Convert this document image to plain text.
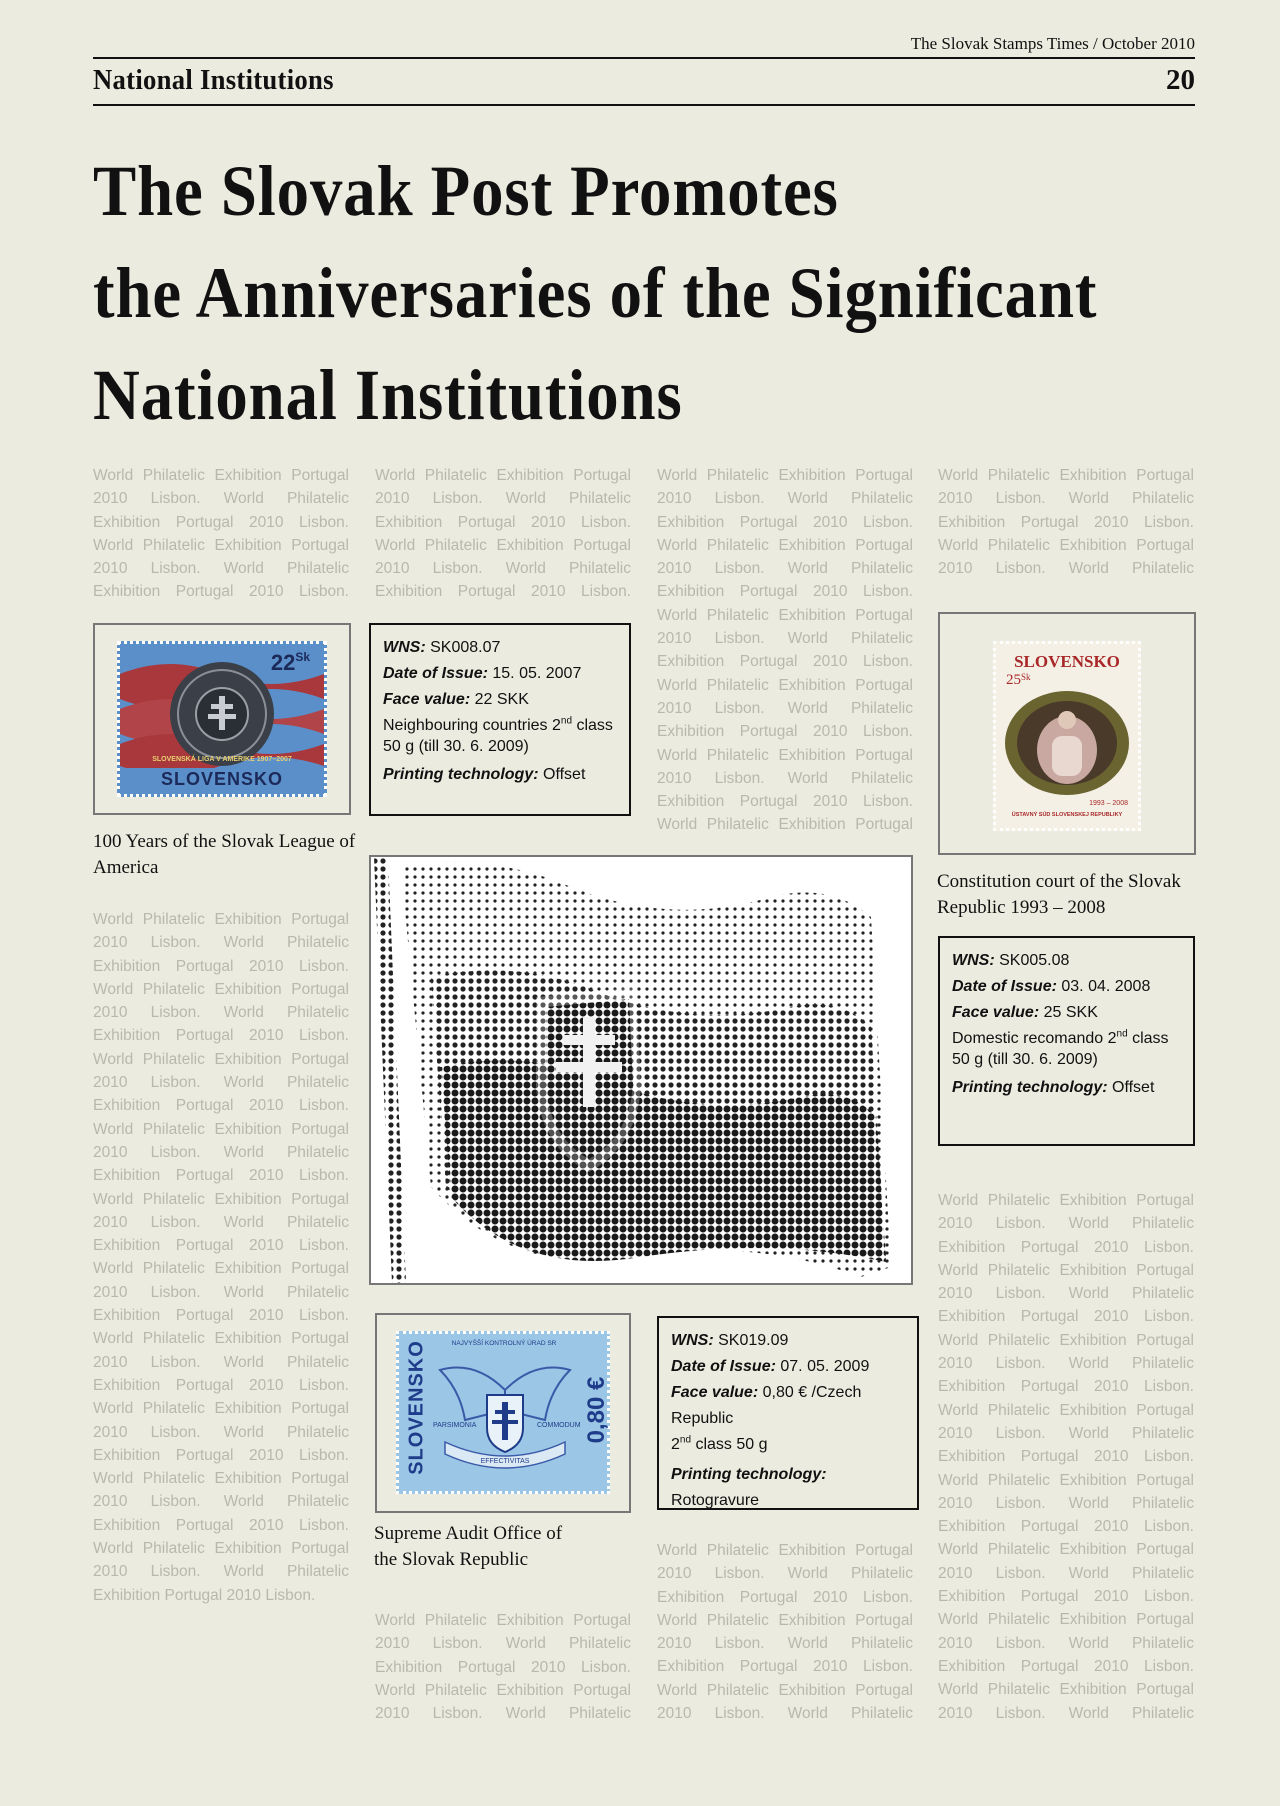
The Slovak Stamps Times / October 2010
National Institutions	20
The Slovak Post Promotes
the Anniversaries of the Significant
National Institutions
World Philatelic Exhibition Portugal 2010 Lisbon. World Philatelic Exhibition Portugal 2010 Lisbon. World Philatelic Exhibition Portugal 2010 Lisbon. World Philatelic Exhibition Portugal 2010 Lisbon.
World Philatelic Exhibition Portugal 2010 Lisbon. World Philatelic Exhibition Portugal 2010 Lisbon. World Philatelic Exhibition Portugal 2010 Lisbon. World Philatelic Exhibition Portugal 2010 Lisbon.
World Philatelic Exhibition Portugal 2010 Lisbon. World Philatelic Exhibition Portugal 2010 Lisbon. World Philatelic Exhibition Portugal 2010 Lisbon. World Philatelic Exhibition Portugal 2010 Lisbon. World Philatelic Exhibition Portugal 2010 Lisbon. World Philatelic Exhibition Portugal 2010 Lisbon. World Philatelic Exhibition Portugal 2010 Lisbon. World Philatelic Exhibition Portugal 2010 Lisbon. World Philatelic Exhibition Portugal 2010 Lisbon. World Philatelic Exhibition Portugal 2010 Lisbon. World Philatelic Exhibition Portugal
World Philatelic Exhibition Portugal 2010 Lisbon. World Philatelic Exhibition Portugal 2010 Lisbon. World Philatelic Exhibition Portugal 2010 Lisbon. World Philatelic
World Philatelic Exhibition Portugal 2010 Lisbon. World Philatelic Exhibition Portugal 2010 Lisbon. World Philatelic Exhibition Portugal 2010 Lisbon. World Philatelic Exhibition Portugal 2010 Lisbon. World Philatelic Exhibition Portugal 2010 Lisbon. World Philatelic Exhibition Portugal 2010 Lisbon. World Philatelic Exhibition Portugal 2010 Lisbon. World Philatelic Exhibition Portugal 2010 Lisbon. World Philatelic Exhibition Portugal 2010 Lisbon. World Philatelic Exhibition Portugal 2010 Lisbon. World Philatelic Exhibition Portugal 2010 Lisbon. World Philatelic Exhibition Portugal 2010 Lisbon. World Philatelic Exhibition Portugal 2010 Lisbon. World Philatelic Exhibition Portugal 2010 Lisbon. World Philatelic Exhibition Portugal 2010 Lisbon. World Philatelic Exhibition Portugal 2010 Lisbon. World Philatelic Exhibition Portugal 2010 Lisbon. World Philatelic Exhibition Portugal 2010 Lisbon. World Philatelic Exhibition Portugal 2010 Lisbon. World Philatelic Exhibition Portugal 2010 Lisbon.
World Philatelic Exhibition Portugal 2010 Lisbon. World Philatelic Exhibition Portugal 2010 Lisbon. World Philatelic Exhibition Portugal 2010 Lisbon. World Philatelic Exhibition Portugal 2010 Lisbon. World Philatelic Exhibition Portugal 2010 Lisbon. World Philatelic Exhibition Portugal 2010 Lisbon. World Philatelic Exhibition Portugal 2010 Lisbon. World Philatelic Exhibition Portugal 2010 Lisbon. World Philatelic Exhibition Portugal 2010 Lisbon. World Philatelic Exhibition Portugal 2010 Lisbon. World Philatelic Exhibition Portugal 2010 Lisbon. World Philatelic Exhibition Portugal 2010 Lisbon. World Philatelic Exhibition Portugal 2010 Lisbon. World Philatelic Exhibition Portugal 2010 Lisbon. World Philatelic Exhibition Portugal 2010 Lisbon. World Philatelic
World Philatelic Exhibition Portugal 2010 Lisbon. World Philatelic Exhibition Portugal 2010 Lisbon. World Philatelic Exhibition Portugal 2010 Lisbon. World Philatelic Exhibition Portugal 2010 Lisbon. World Philatelic Exhibition Portugal 2010 Lisbon. World Philatelic
World Philatelic Exhibition Portugal 2010 Lisbon. World Philatelic Exhibition Portugal 2010 Lisbon. World Philatelic Exhibition Portugal 2010 Lisbon. World Philatelic
$22^{Sk}$
SLOVENSKÁ LIGA V AMERIKE 1907–2007
SLOVENSKO
100 Years of the Slovak League of America
WNS: SK008.07
Date of Issue: 15. 05. 2007
Face value: 22 SKK
Neighbouring countries 2nd class
50 g (till 30. 6. 2009)
Printing technology: Offset
SLOVENSKO
$25^{Sk}$
1993 – 2008
ÚSTAVNÝ SÚD SLOVENSKEJ REPUBLIKY
Constitution court of the Slovak Republic 1993 – 2008
WNS: SK005.08
Date of Issue: 03. 04. 2008
Face value: 25 SKK
Domestic recomando 2nd class
50 g (till 30. 6. 2009)
Printing technology: Offset
SLOVENSKO	0,80 €
NAJVYŠŠÍ KONTROLNÝ ÚRAD SR
PARSIMONIA	COMMODUM
EFFECTIVITAS
Supreme Audit Office of the Slovak Republic
WNS: SK019.09
Date of Issue: 07. 05. 2009
Face value: 0,80 € /Czech Republic
2nd class 50 g
Printing technology:
Rotogravure
